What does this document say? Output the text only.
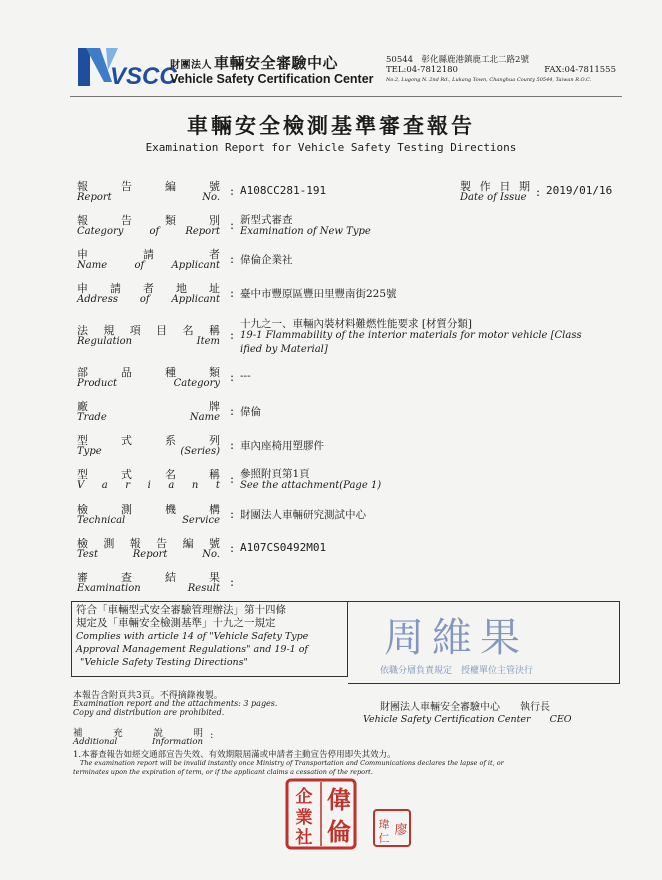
VSCC
財團法人 車輛安全審驗中心
Vehicle Safety Certification Center
50544　彰化縣鹿港鎮鹿工北二路2號
TEL:04-7812180	FAX:04-7811555
No.2, Lugong N. 2nd Rd., Lukang Town, Changhua County 50544, Taiwan R.O.C.
車輛安全檢測基準審查報告
Examination Report for Vehicle Safety Testing Directions
報	告	編	號
Report	No. : A108CC281-191
報	告	類	別
Category	of	Report : 新型式審查
Examination of New Type
申	請	者
Name	of	Applicant : 偉倫企業社
申 請 者 地 址
Address of Applicant : 臺中市豐原區豐田里豐南街225號
法 規 項 目 名 稱
Regulation	Item :
十九之一、車輛內裝材料難燃性能要求 [材質分類]
19-1 Flammability of the interior materials for motor vehicle [Class
ified by Material]
部	品	種	類
Product	Category : ---
廠	牌
Trade	Name : 偉倫
型	式	系	列
Type	(Series) : 車內座椅用塑膠件
型	式	名	稱
V a r i a n t : 參照附頁第1頁
See the attachment(Page 1)
檢	測	機	構
Technical	Service : 財團法人車輛研究測試中心
檢 測 報 告 編 號
Test	Report	No. : A107CS0492M01
審	查	結	果
Examination	Result :
製 作 日 期
Date of Issue : 2019/01/16
符合「車輛型式安全審驗管理辦法」第十四條
規定及「車輛安全檢測基準」十九之一規定
Complies with article 14 of "Vehicle Safety Type
Approval Management Regulations" and 19-1 of
"Vehicle Safety Testing Directions"
周維果
依職分層負責規定　授權單位主管決行
財團法人車輛安全審驗中心　　執行長
Vehicle Safety Certification Center　　CEO
本報告含附頁共3頁。不得摘錄複製。
Examination report and the attachments: 3 pages.
Copy and distribution are prohibited.
補	充	說	明
Additional	Information
:
1.本審查報告如經交通部宣告失效、有效期限屆滿或申請者主動宣告停用即失其效力。
The examination report will be invalid instantly once Ministry of Transportation and Communications declares the lapse of it, or
terminates upon the expiration of term, or if the applicant claims a cessation of the report.
偉
倫
企
業
社
瑋
仁
廖
